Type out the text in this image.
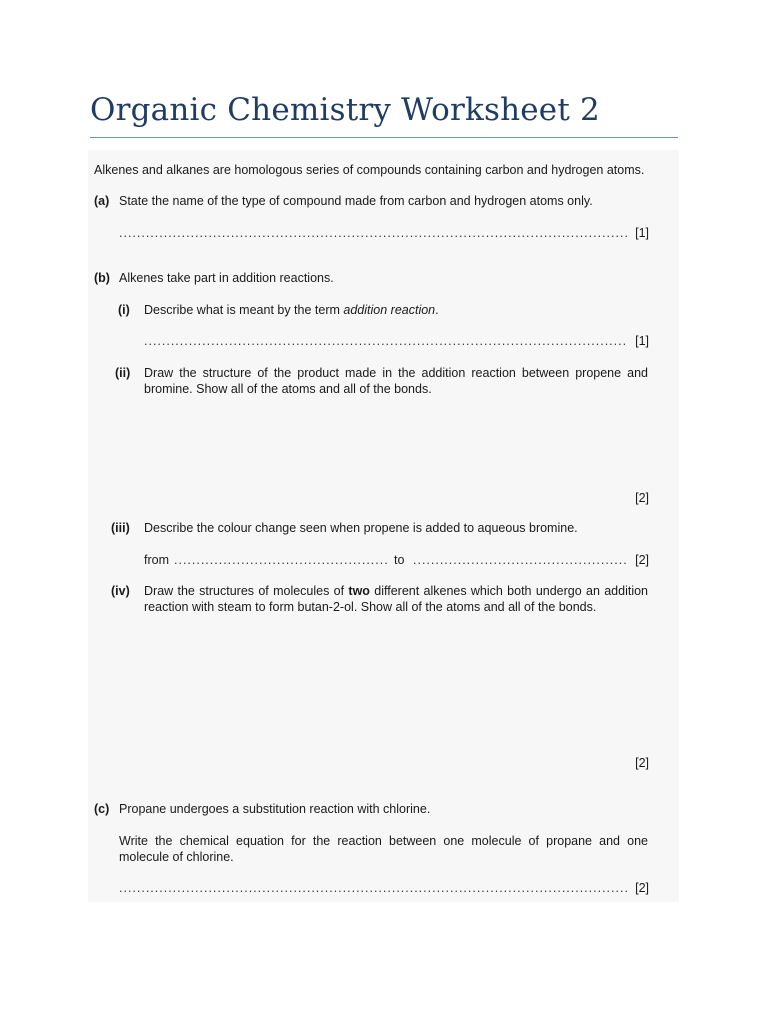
Organic Chemistry Worksheet 2
Alkenes and alkanes are homologous series of compounds containing carbon and hydrogen atoms.
(a) State the name of the type of compound made from carbon and hydrogen atoms only.
.....
[1]
(b) Alkenes take part in addition reactions.
(i) Describe what is meant by the term addition reaction.
.....
[1]
(ii) Draw the structure of the product made in the addition reaction between propene and
bromine. Show all of the atoms and all of the bonds.
[2]
(iii) Describe the colour change seen when propene is added to aqueous bromine.
from .....	to .....	[2]
(iv) Draw the structures of molecules of two different alkenes which both undergo an addition
reaction with steam to form butan-2-ol. Show all of the atoms and all of the bonds.
[2]
(c) Propane undergoes a substitution reaction with chlorine.
Write the chemical equation for the reaction between one molecule of propane and one
molecule of chlorine.
.....
[2]
